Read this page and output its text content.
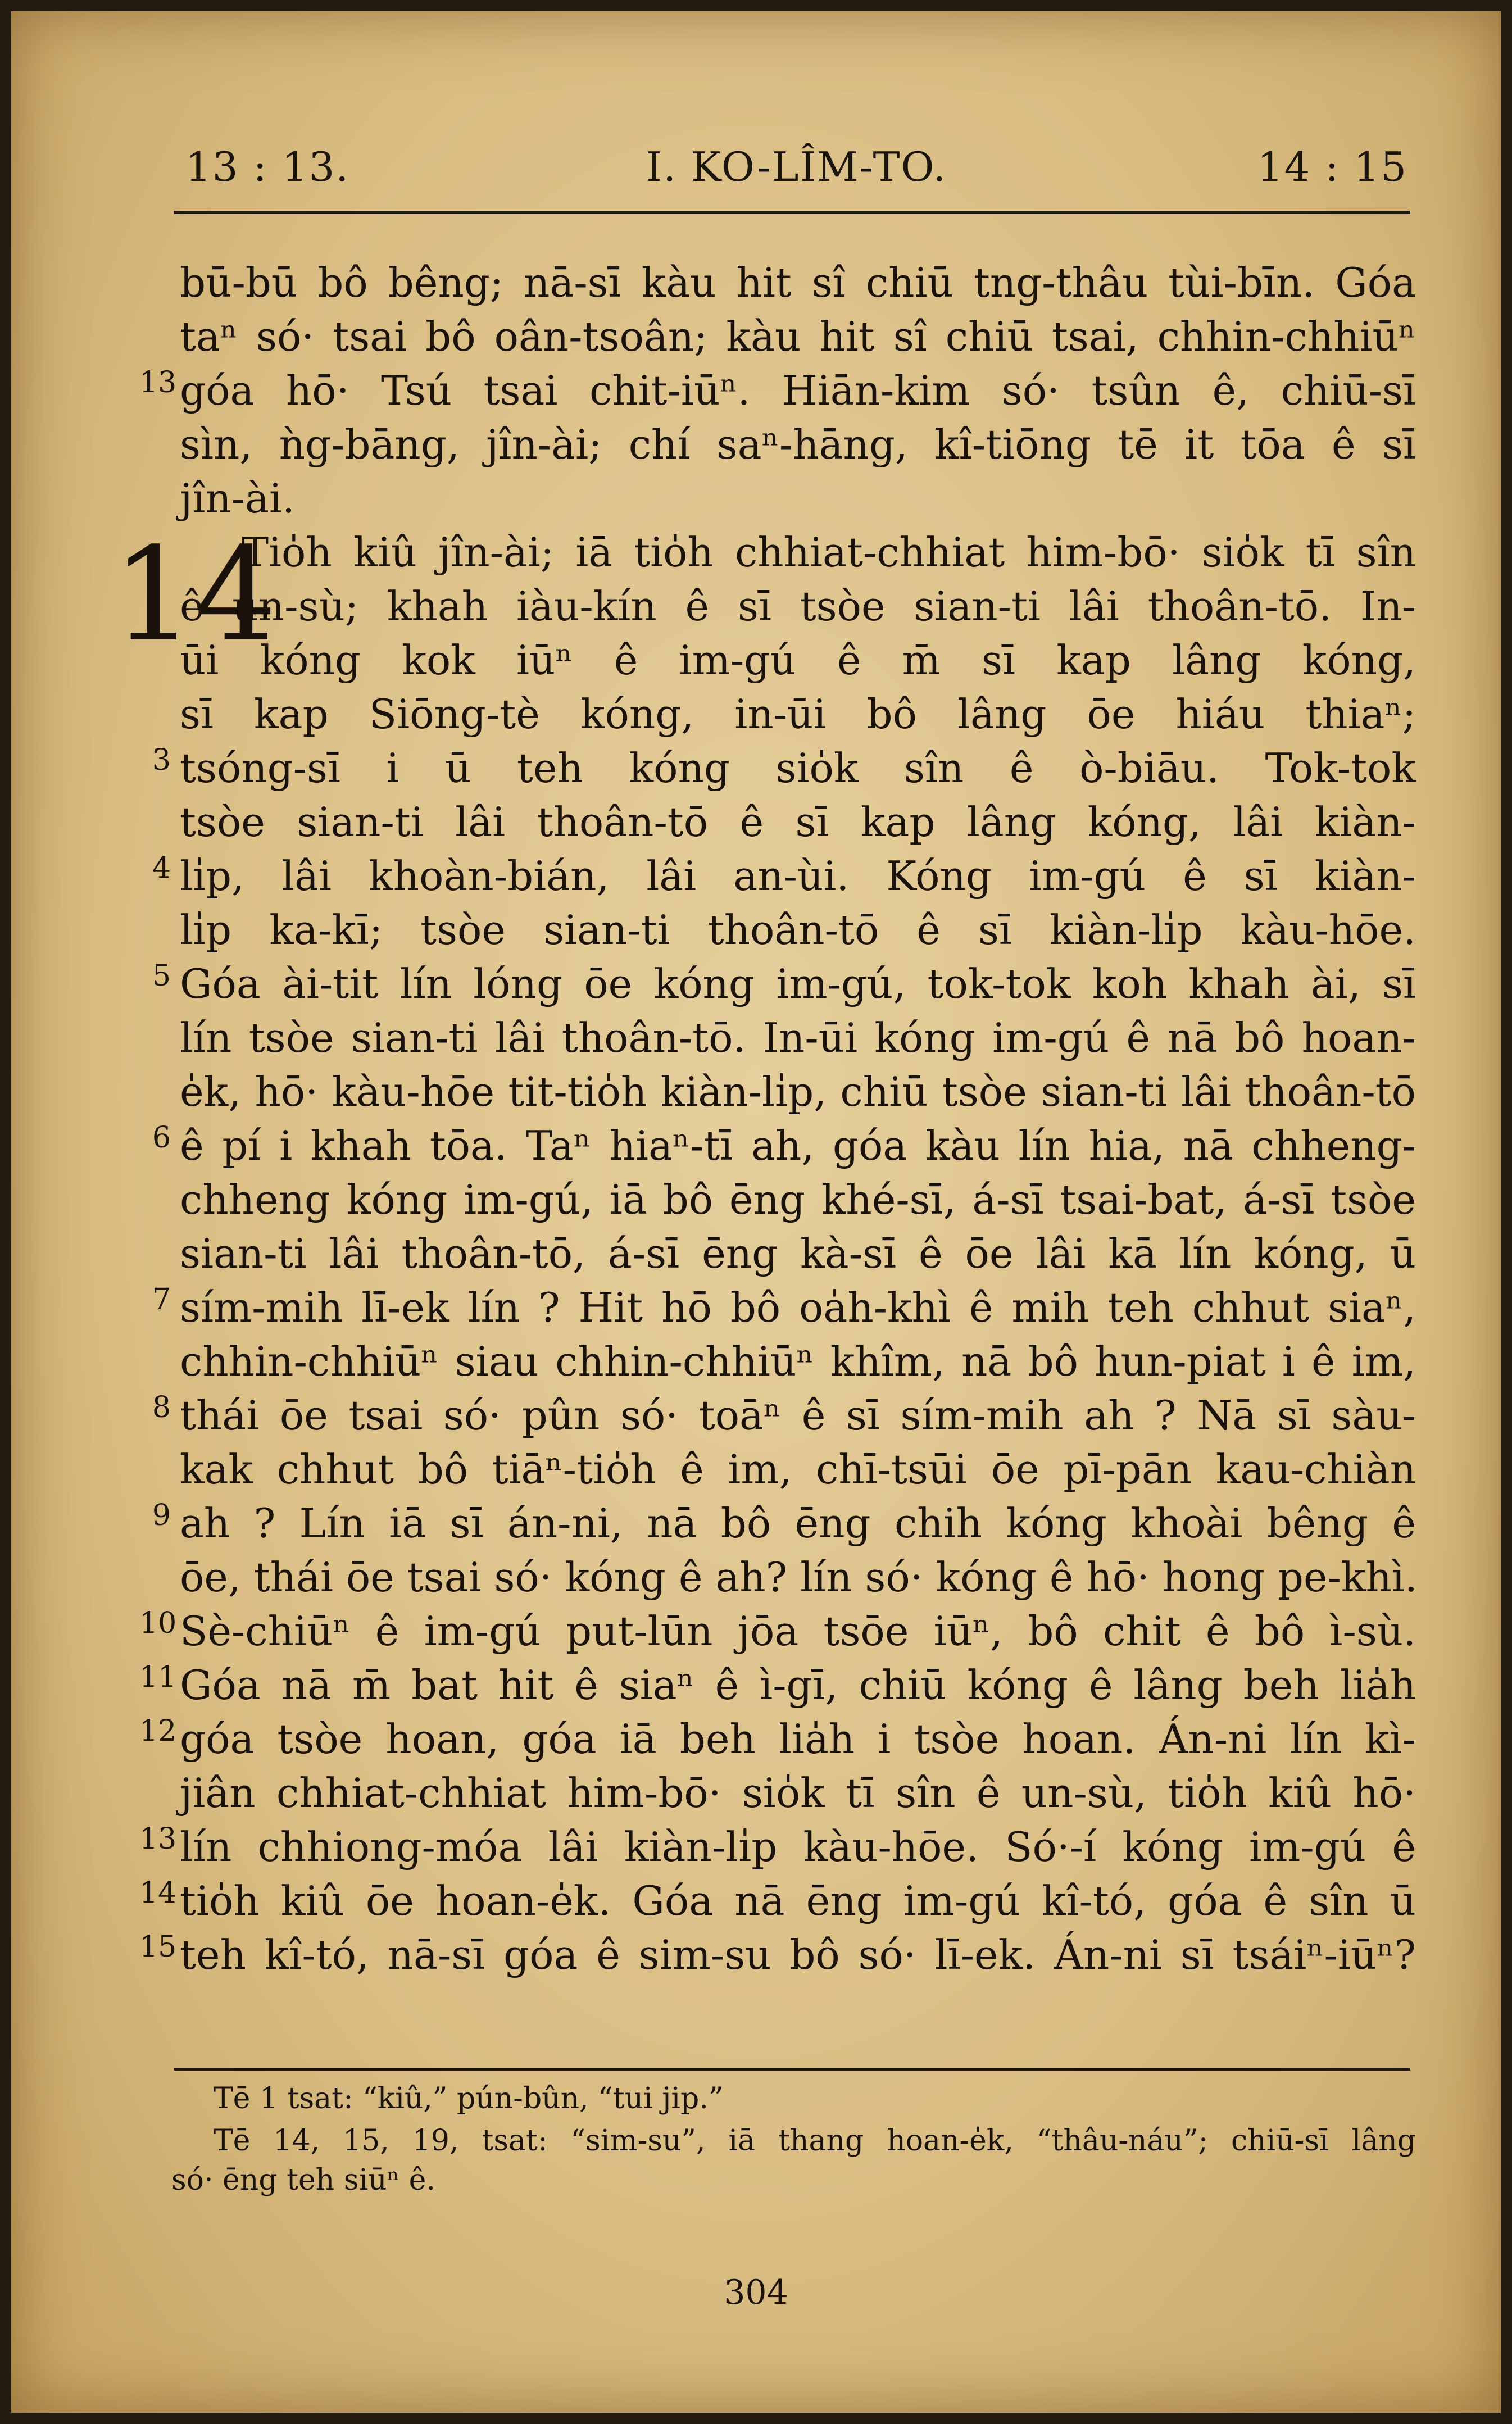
13 : 13.	I. KO-LÎM-TO.	14 : 15
14
bū-bū bô bêng; nā-sī kàu hit sî chiū tng-thâu tùi-bīn. Góa
taⁿ só· tsai bô oân-tsoân; kàu hit sî chiū tsai, chhin-chhiūⁿ
13 góa hō· Tsú tsai chit-iūⁿ. Hiān-kim só· tsûn ê, chiū-sī
sìn, ǹg-bāng, jîn-ài; chí saⁿ-hāng, kî-tiōng tē it tōa ê sī
jîn-ài.
Tio̍h kiû jîn-ài; iā tio̍h chhiat-chhiat him-bō· sio̍k tī sîn
ê un-sù; khah iàu-kín ê sī tsòe sian-ti lâi thoân-tō. In-
ūi kóng kok iūⁿ ê im-gú ê m̄ sī kap lâng kóng,
sī kap Siōng-tè kóng, in-ūi bô lâng ōe hiáu thiaⁿ;
3 tsóng-sī i ū teh kóng sio̍k sîn ê ò-biāu. Tok-tok
tsòe sian-ti lâi thoân-tō ê sī kap lâng kóng, lâi kiàn-
4 li̍p, lâi khoàn-bián, lâi an-ùi. Kóng im-gú ê sī kiàn-
li̍p ka-kī; tsòe sian-ti thoân-tō ê sī kiàn-li̍p kàu-hōe.
5 Góa ài-tit lín lóng ōe kóng im-gú, tok-tok koh khah ài, sī
lín tsòe sian-ti lâi thoân-tō. In-ūi kóng im-gú ê nā bô hoan-
e̍k, hō· kàu-hōe tit-tio̍h kiàn-li̍p, chiū tsòe sian-ti lâi thoân-tō
6 ê pí i khah tōa. Taⁿ hiaⁿ-tī ah, góa kàu lín hia, nā chheng-
chheng kóng im-gú, iā bô ēng khé-sī, á-sī tsai-bat, á-sī tsòe
sian-ti lâi thoân-tō, á-sī ēng kà-sī ê ōe lâi kā lín kóng, ū
7 sím-mih lī-ek lín ? Hit hō bô oa̍h-khì ê mih teh chhut siaⁿ,
chhin-chhiūⁿ siau chhin-chhiūⁿ khîm, nā bô hun-piat i ê im,
8 thái ōe tsai só· pûn só· toāⁿ ê sī sím-mih ah ? Nā sī sàu-
kak chhut bô tiāⁿ-tio̍h ê im, chī-tsūi ōe pī-pān kau-chiàn
9 ah ? Lín iā sī án-ni, nā bô ēng chih kóng khoài bêng ê
ōe, thái ōe tsai só· kóng ê ah? lín só· kóng ê hō· hong pe-khì.
10 Sè-chiūⁿ ê im-gú put-lūn jōa tsōe iūⁿ, bô chit ê bô ì-sù.
11 Góa nā m̄ bat hit ê siaⁿ ê ì-gī, chiū kóng ê lâng beh lia̍h
12 góa tsòe hoan, góa iā beh lia̍h i tsòe hoan. Án-ni lín kì-
jiân chhiat-chhiat him-bō· sio̍k tī sîn ê un-sù, tio̍h kiû hō·
13 lín chhiong-móa lâi kiàn-li̍p kàu-hōe. Só·-í kóng im-gú ê
14 tio̍h kiû ōe hoan-e̍k. Góa nā ēng im-gú kî-tó, góa ê sîn ū
15 teh kî-tó, nā-sī góa ê sim-su bô só· lī-ek. Án-ni sī tsáiⁿ-iūⁿ?
Tē 1 tsat: “kiû,” pún-bûn, “tui jip.”
Tē 14, 15, 19, tsat: “sim-su”, iā thang hoan-e̍k, “thâu-náu”; chiū-sī lâng
só· ēng teh siūⁿ ê.
304
